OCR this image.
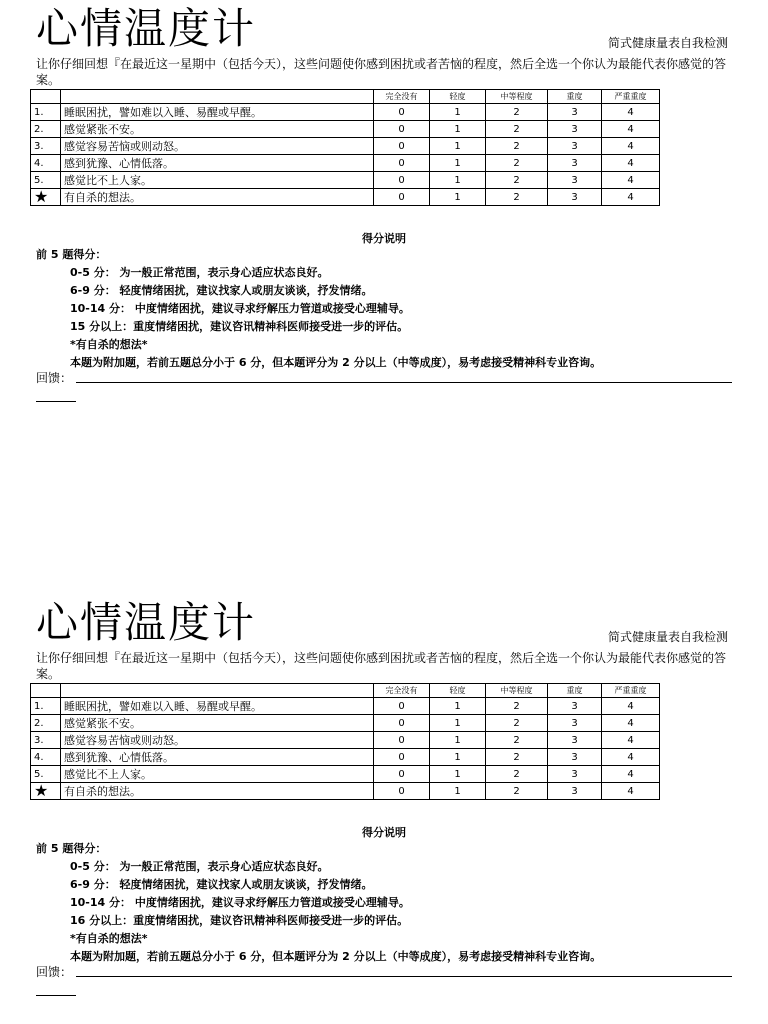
心情温度计	简式健康量表自我检测
让你仔细回想『在最近这一星期中（包括今天），这些问题使你感到困扰或者苦恼的程度，然后全选一个你认为最能代表你感觉的答案。
		完全没有	轻度	中等程度	重度	严重重度
1.	睡眠困扰，譬如难以入睡、易醒或早醒。	0	1	2	3	4
2.	感觉紧张不安。	0	1	2	3	4
3.	感觉容易苦恼或则动怒。	0	1	2	3	4
4.	感到犹豫、心情低落。	0	1	2	3	4
5.	感觉比不上人家。	0	1	2	3	4
★	有自杀的想法。	0	1	2	3	4
得分说明
前 5 题得分：
0-5 分： 为一般正常范围，表示身心适应状态良好。
6-9 分： 轻度情绪困扰，建议找家人或朋友谈谈，抒发情绪。
10-14 分： 中度情绪困扰，建议寻求纾解压力管道或接受心理辅导。
15 分以上：重度情绪困扰，建议咨讯精神科医师接受进一步的评估。
*有自杀的想法*
本题为附加题，若前五题总分小于 6 分，但本题评分为 2 分以上（中等成度），易考虑接受精神科专业咨询。
回馈：
心情温度计	简式健康量表自我检测
让你仔细回想『在最近这一星期中（包括今天），这些问题使你感到困扰或者苦恼的程度，然后全选一个你认为最能代表你感觉的答案。
		完全没有	轻度	中等程度	重度	严重重度
1.	睡眠困扰，譬如难以入睡、易醒或早醒。	0	1	2	3	4
2.	感觉紧张不安。	0	1	2	3	4
3.	感觉容易苦恼或则动怒。	0	1	2	3	4
4.	感到犹豫、心情低落。	0	1	2	3	4
5.	感觉比不上人家。	0	1	2	3	4
★	有自杀的想法。	0	1	2	3	4
得分说明
前 5 题得分：
0-5 分： 为一般正常范围，表示身心适应状态良好。
6-9 分： 轻度情绪困扰，建议找家人或朋友谈谈，抒发情绪。
10-14 分： 中度情绪困扰，建议寻求纾解压力管道或接受心理辅导。
16 分以上：重度情绪困扰，建议咨讯精神科医师接受进一步的评估。
*有自杀的想法*
本题为附加题，若前五题总分小于 6 分，但本题评分为 2 分以上（中等成度），易考虑接受精神科专业咨询。
回馈：
